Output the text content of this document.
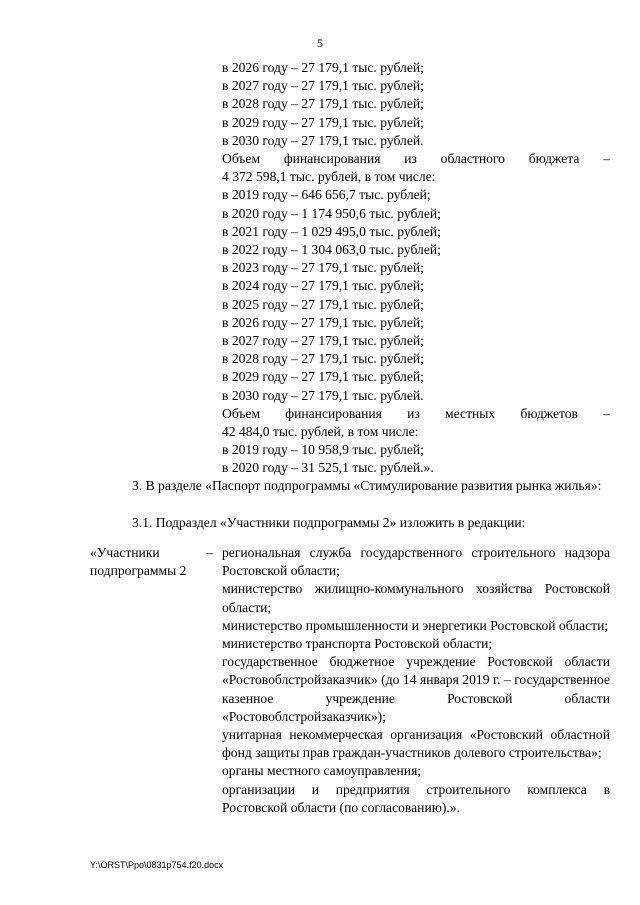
5
в 2026 году – 27 179,1 тыс. рублей;
в 2027 году – 27 179,1 тыс. рублей;
в 2028 году – 27 179,1 тыс. рублей;
в 2029 году – 27 179,1 тыс. рублей;
в 2030 году – 27 179,1 тыс. рублей.
Объем финансирования из областного бюджета –
4 372 598,1 тыс. рублей, в том числе:
в 2019 году – 646 656,7 тыс. рублей;
в 2020 году – 1 174 950,6 тыс. рублей;
в 2021 году – 1 029 495,0 тыс. рублей;
в 2022 году – 1 304 063,0 тыс. рублей;
в 2023 году – 27 179,1 тыс. рублей;
в 2024 году – 27 179,1 тыс. рублей;
в 2025 году – 27 179,1 тыс. рублей;
в 2026 году – 27 179,1 тыс. рублей;
в 2027 году – 27 179,1 тыс. рублей;
в 2028 году – 27 179,1 тыс. рублей;
в 2029 году – 27 179,1 тыс. рублей;
в 2030 году – 27 179,1 тыс. рублей.
Объем финансирования из местных бюджетов –
42 484,0 тыс. рублей, в том числе:
в 2019 году – 10 958,9 тыс. рублей;
в 2020 году – 31 525,1 тыс. рублей.».
3. В разделе «Паспорт подпрограммы «Стимулирование развития рынка жилья»:
3.1. Подраздел «Участники подпрограммы 2» изложить в редакции:
«Участники
подпрограммы 2
– региональная служба государственного строительного надзора Ростовской области;
министерство жилищно-коммунального хозяйства Ростовской области;
министерство промышленности и энергетики Ростовской области;
министерство транспорта Ростовской области;
государственное бюджетное учреждение Ростовской области «Ростовоблстройзаказчик» (до 14 января 2019 г. – государственное казенное учреждение Ростовской области «Ростовоблстройзаказчик»);
унитарная некоммерческая организация «Ростовский областной фонд защиты прав граждан-участников долевого строительства»;
органы местного самоуправления;
организации и предприятия строительного комплекса в Ростовской области (по согласованию).».
Y:\ORST\Ppo\0831p754.f20.docx
